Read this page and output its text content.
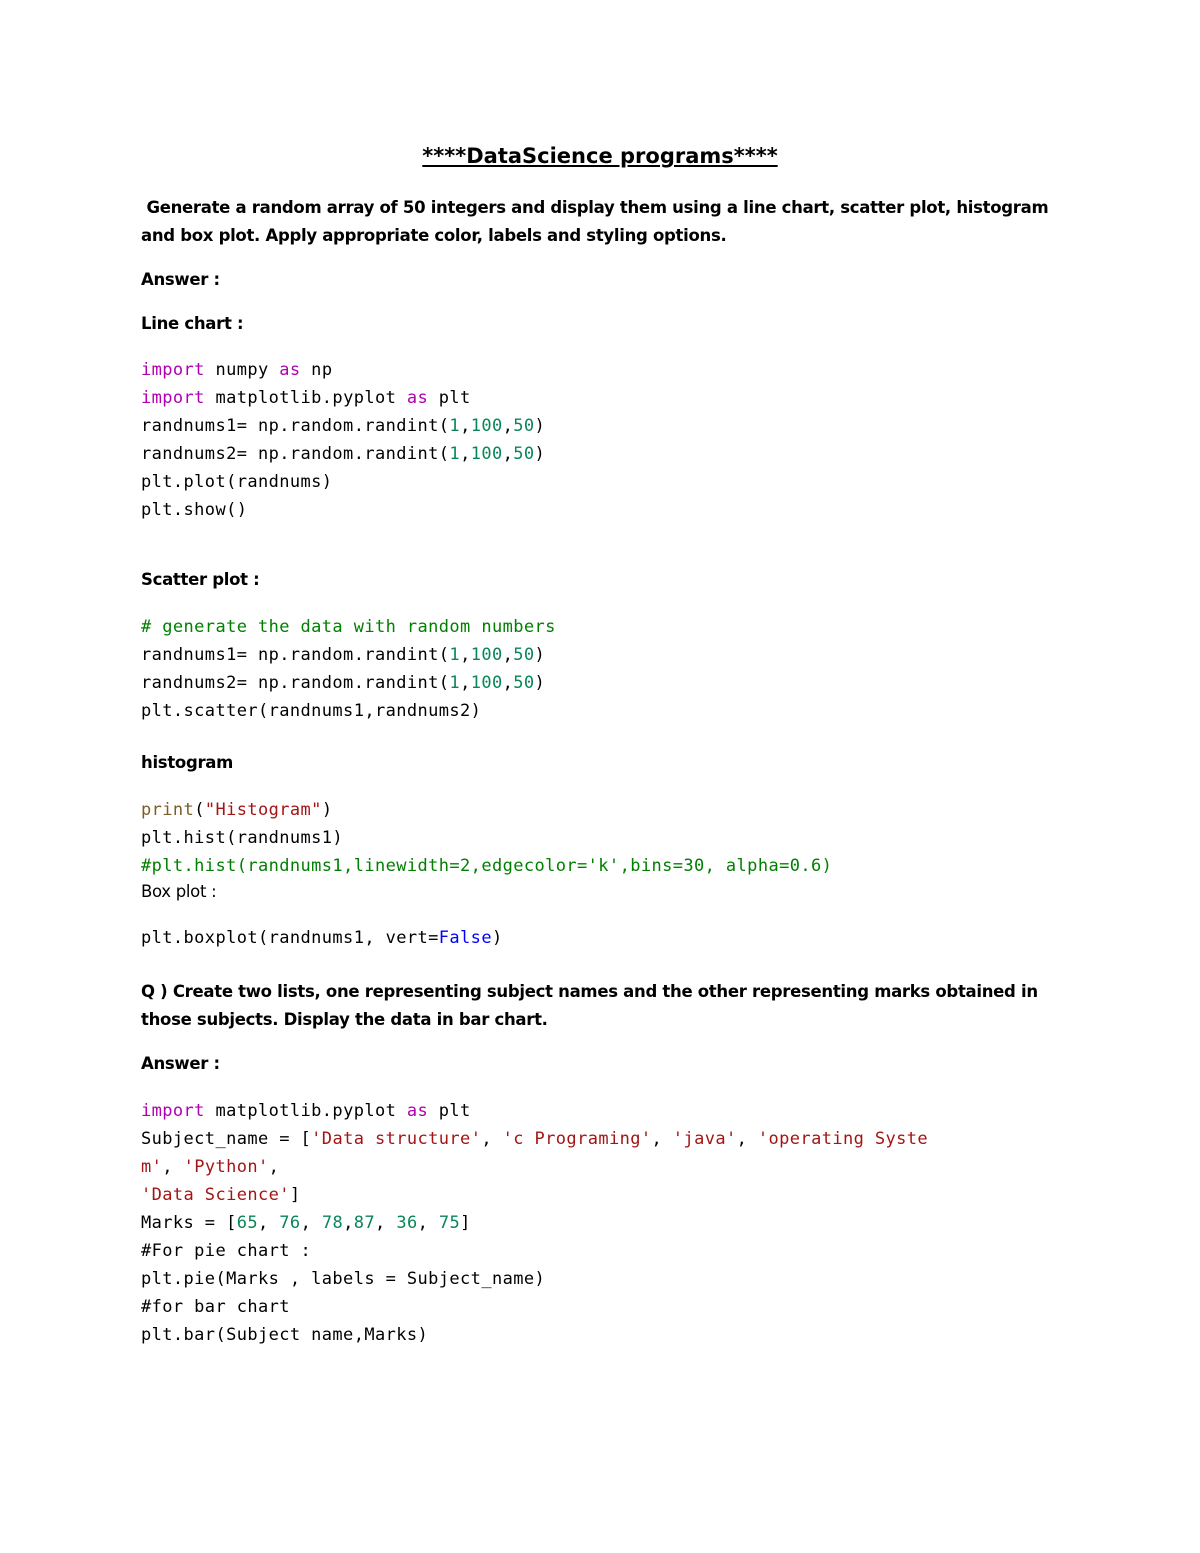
****DataScience programs****
Generate a random array of 50 integers and display them using a line chart, scatter plot, histogram
and box plot. Apply appropriate color, labels and styling options.
Answer :
Line chart :
import numpy as np
import matplotlib.pyplot as plt
randnums1= np.random.randint(1,100,50)
randnums2= np.random.randint(1,100,50)
plt.plot(randnums)
plt.show()
Scatter plot :
# generate the data with random numbers
randnums1= np.random.randint(1,100,50)
randnums2= np.random.randint(1,100,50)
plt.scatter(randnums1,randnums2)
histogram
print("Histogram")
plt.hist(randnums1)
#plt.hist(randnums1,linewidth=2,edgecolor='k',bins=30, alpha=0.6)
Box plot :
plt.boxplot(randnums1, vert=False)
Q ) Create two lists, one representing subject names and the other representing marks obtained in
those subjects. Display the data in bar chart.
Answer :
import matplotlib.pyplot as plt
Subject_name = ['Data structure', 'c Programing', 'java', 'operating Syste
m', 'Python',
'Data Science']
Marks = [65, 76, 78,87, 36, 75]
#For pie chart :
plt.pie(Marks , labels = Subject_name)
#for bar chart
plt.bar(Subject name,Marks)
